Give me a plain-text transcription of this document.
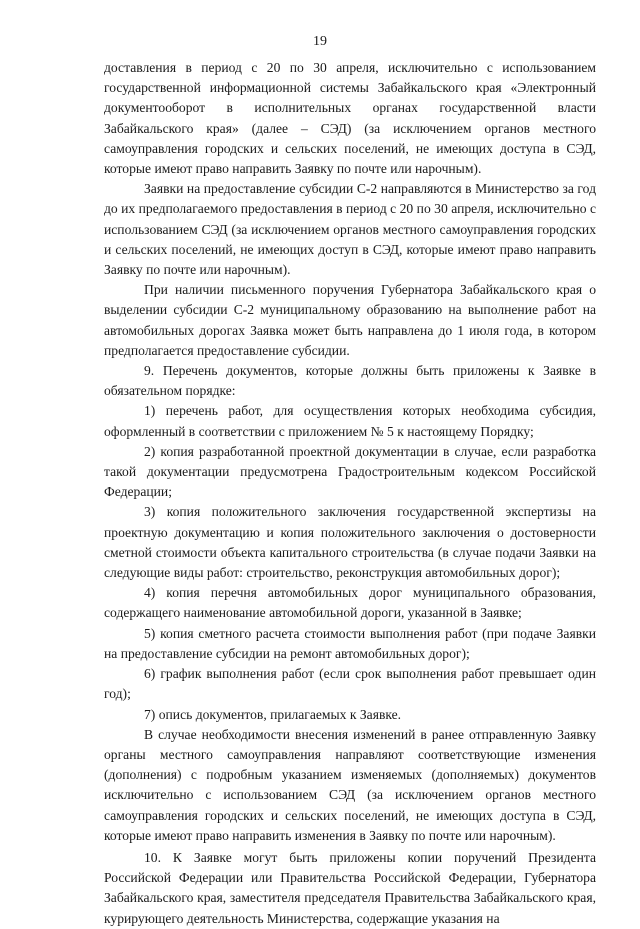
19

доставления в период с 20 по 30 апреля, исключительно с использованием государственной информационной системы Забайкальского края «Электронный документооборот в исполнительных органах государственной власти Забайкальского края» (далее – СЭД) (за исключением органов местного самоуправления городских и сельских поселений, не имеющих доступа в СЭД, которые имеют право направить Заявку по почте или нарочным).

Заявки на предоставление субсидии С-2 направляются в Министерство за год до их предполагаемого предоставления в период с 20 по 30 апреля, исключительно с использованием СЭД (за исключением органов местного самоуправления городских и сельских поселений, не имеющих доступ в СЭД, которые имеют право направить Заявку по почте или нарочным).

При наличии письменного поручения Губернатора Забайкальского края о выделении субсидии С-2 муниципальному образованию на выполнение работ на автомобильных дорогах Заявка может быть направлена до 1 июля года, в котором предполагается предоставление субсидии.

9. Перечень документов, которые должны быть приложены к Заявке в обязательном порядке:

1) перечень работ, для осуществления которых необходима субсидия, оформленный в соответствии с приложением № 5 к настоящему Порядку;

2) копия разработанной проектной документации в случае, если разработка такой документации предусмотрена Градостроительным кодексом Российской Федерации;

3) копия положительного заключения государственной экспертизы на проектную документацию и копия положительного заключения о достоверности сметной стоимости объекта капитального строительства (в случае подачи Заявки на следующие виды работ: строительство, реконструкция автомобильных дорог);

4) копия перечня автомобильных дорог муниципального образования, содержащего наименование автомобильной дороги, указанной в Заявке;

5) копия сметного расчета стоимости выполнения работ (при подаче Заявки на предоставление субсидии на ремонт автомобильных дорог);

6) график выполнения работ (если срок выполнения работ превышает один год);

7) опись документов, прилагаемых к Заявке.

В случае необходимости внесения изменений в ранее отправленную Заявку органы местного самоуправления направляют соответствующие изменения (дополнения) с подробным указанием изменяемых (дополняемых) документов исключительно с использованием СЭД (за исключением органов местного самоуправления городских и сельских поселений, не имеющих доступа в СЭД, которые имеют право направить изменения в Заявку по почте или нарочным).

10. К Заявке могут быть приложены копии поручений Президента Российской Федерации или Правительства Российской Федерации, Губернатора Забайкальского края, заместителя председателя Правительства Забайкальского края, курирующего деятельность Министерства, содержащие указания на
